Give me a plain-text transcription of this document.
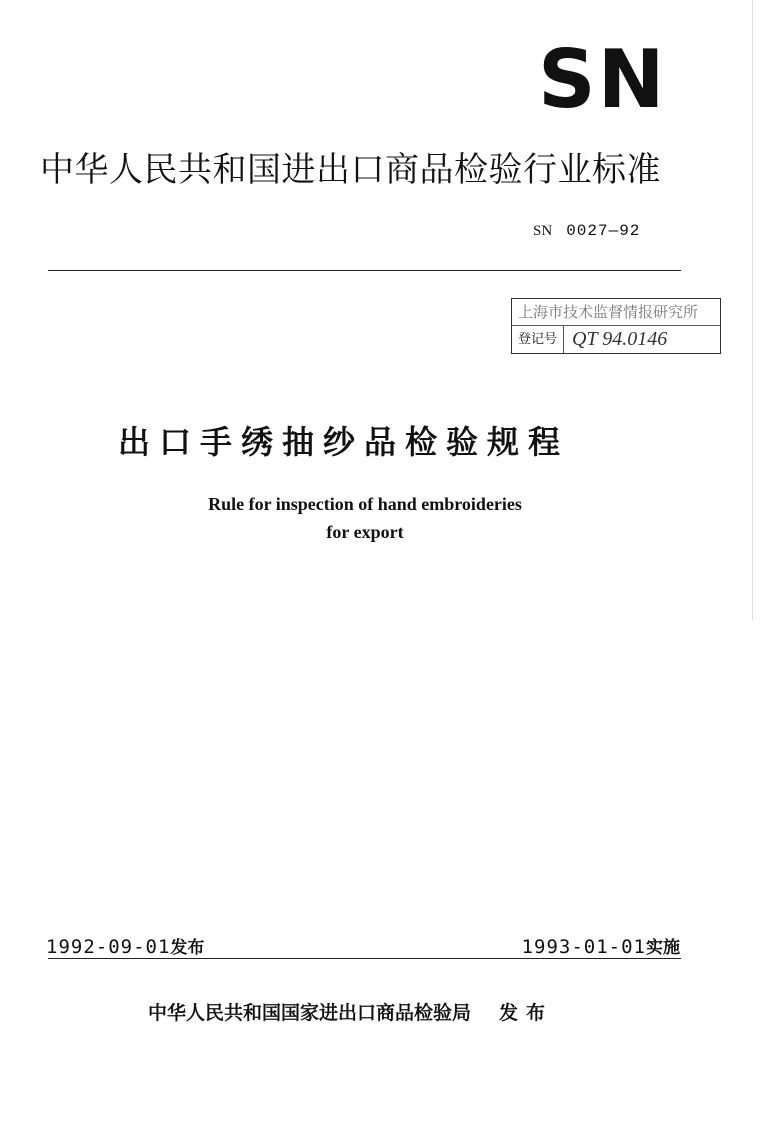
SN
中华人民共和国进出口商品检验行业标准
SN 0027—92
上海市技术监督情报研究所
登记号 QT 94.0146
出口手绣抽纱品检验规程
Rule for inspection of hand embroideries
for export
1992-09-01发布	1993-01-01实施
中华人民共和国国家进出口商品检验局 发布
